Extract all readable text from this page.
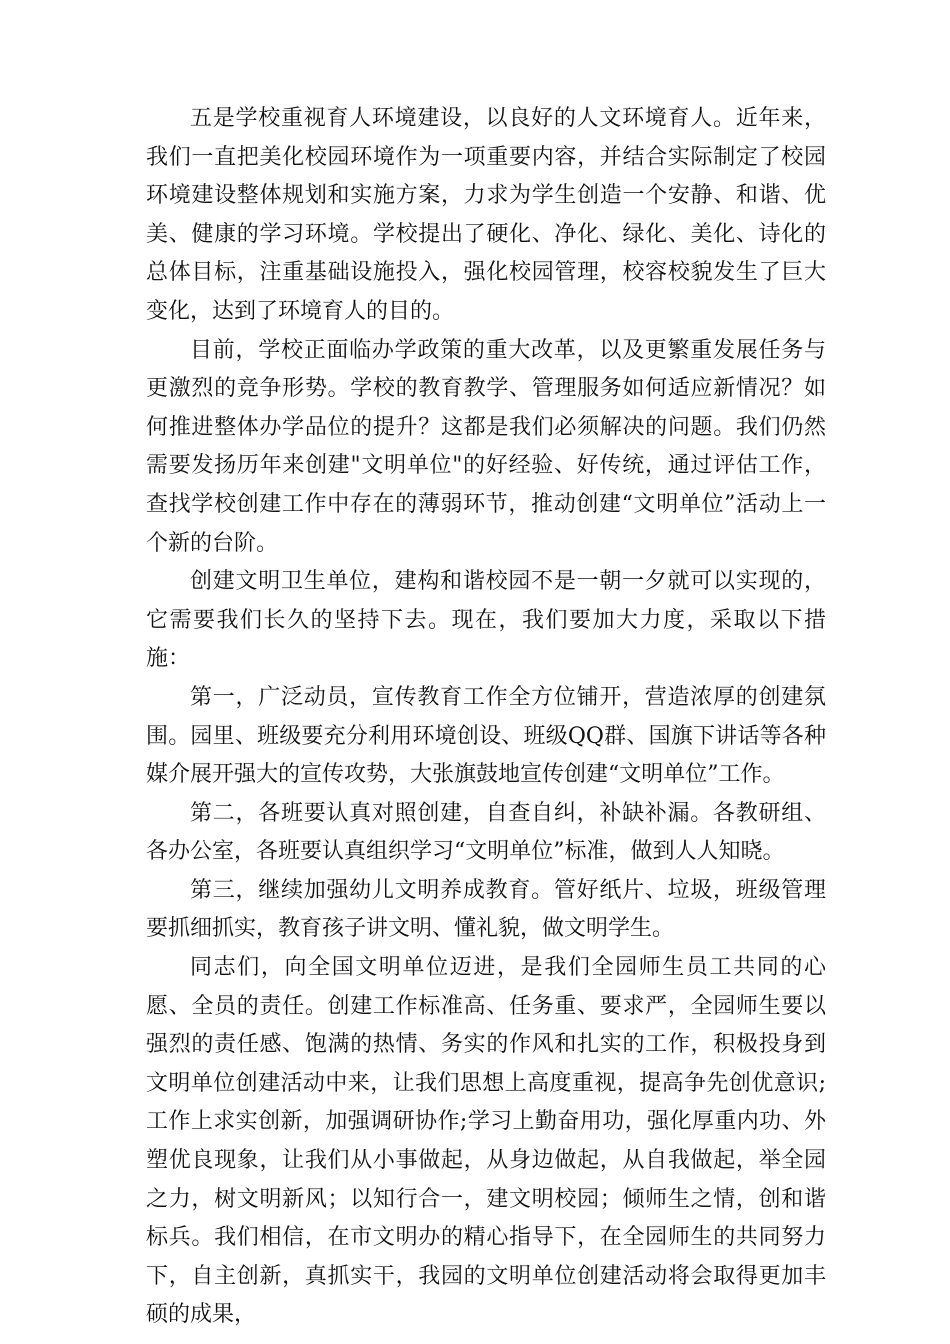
五是学校重视育人环境建设，以良好的人文环境育人。近年来，我们一直把美化校园环境作为一项重要内容，并结合实际制定了校园环境建设整体规划和实施方案，力求为学生创造一个安静、和谐、优美、健康的学习环境。学校提出了硬化、净化、绿化、美化、诗化的总体目标，注重基础设施投入，强化校园管理，校容校貌发生了巨大变化，达到了环境育人的目的。

目前，学校正面临办学政策的重大改革，以及更繁重发展任务与更激烈的竞争形势。学校的教育教学、管理服务如何适应新情况？如何推进整体办学品位的提升？这都是我们必须解决的问题。我们仍然需要发扬历年来创建"文明单位"的好经验、好传统，通过评估工作，查找学校创建工作中存在的薄弱环节，推动创建“文明单位”活动上一个新的台阶。

创建文明卫生单位，建构和谐校园不是一朝一夕就可以实现的，它需要我们长久的坚持下去。现在，我们要加大力度，采取以下措施：

第一，广泛动员，宣传教育工作全方位铺开，营造浓厚的创建氛围。园里、班级要充分利用环境创设、班级QQ群、国旗下讲话等各种媒介展开强大的宣传攻势，大张旗鼓地宣传创建“文明单位”工作。

第二，各班要认真对照创建，自查自纠，补缺补漏。各教研组、各办公室，各班要认真组织学习“文明单位”标准，做到人人知晓。

第三，继续加强幼儿文明养成教育。管好纸片、垃圾，班级管理要抓细抓实，教育孩子讲文明、懂礼貌，做文明学生。

同志们，向全国文明单位迈进，是我们全园师生员工共同的心愿、全员的责任。创建工作标准高、任务重、要求严，全园师生要以强烈的责任感、饱满的热情、务实的作风和扎实的工作，积极投身到文明单位创建活动中来，让我们思想上高度重视，提高争先创优意识;工作上求实创新，加强调研协作;学习上勤奋用功，强化厚重内功、外塑优良现象，让我们从小事做起，从身边做起，从自我做起，举全园之力，树文明新风；以知行合一，建文明校园；倾师生之情，创和谐标兵。我们相信，在市文明办的精心指导下，在全园师生的共同努力下，自主创新，真抓实干，我园的文明单位创建活动将会取得更加丰硕的成果，
